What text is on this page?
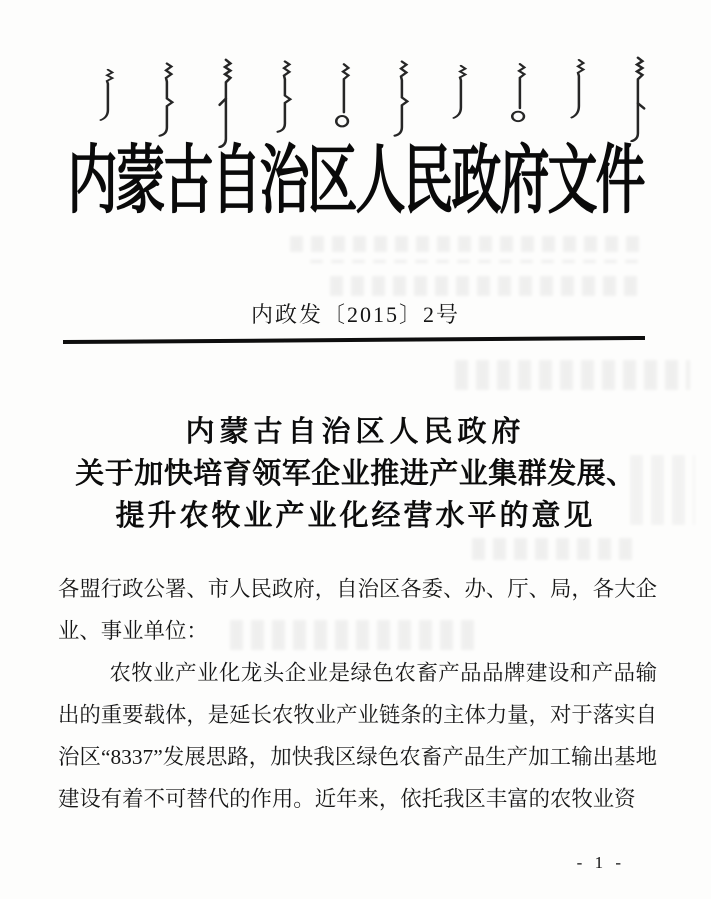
内蒙古自治区人民政府文件
内政发〔2015〕2号
内蒙古自治区人民政府
关于加快培育领军企业推进产业集群发展、
提升农牧业产业化经营水平的意见

各盟行政公署、市人民政府，自治区各委、办、厅、局，各大企业、事业单位：

农牧业产业化龙头企业是绿色农畜产品品牌建设和产品输出的重要载体，是延长农牧业产业链条的主体力量，对于落实自治区“8337”发展思路，加快我区绿色农畜产品生产加工输出基地建设有着不可替代的作用。近年来，依托我区丰富的农牧业资

- 1 -
